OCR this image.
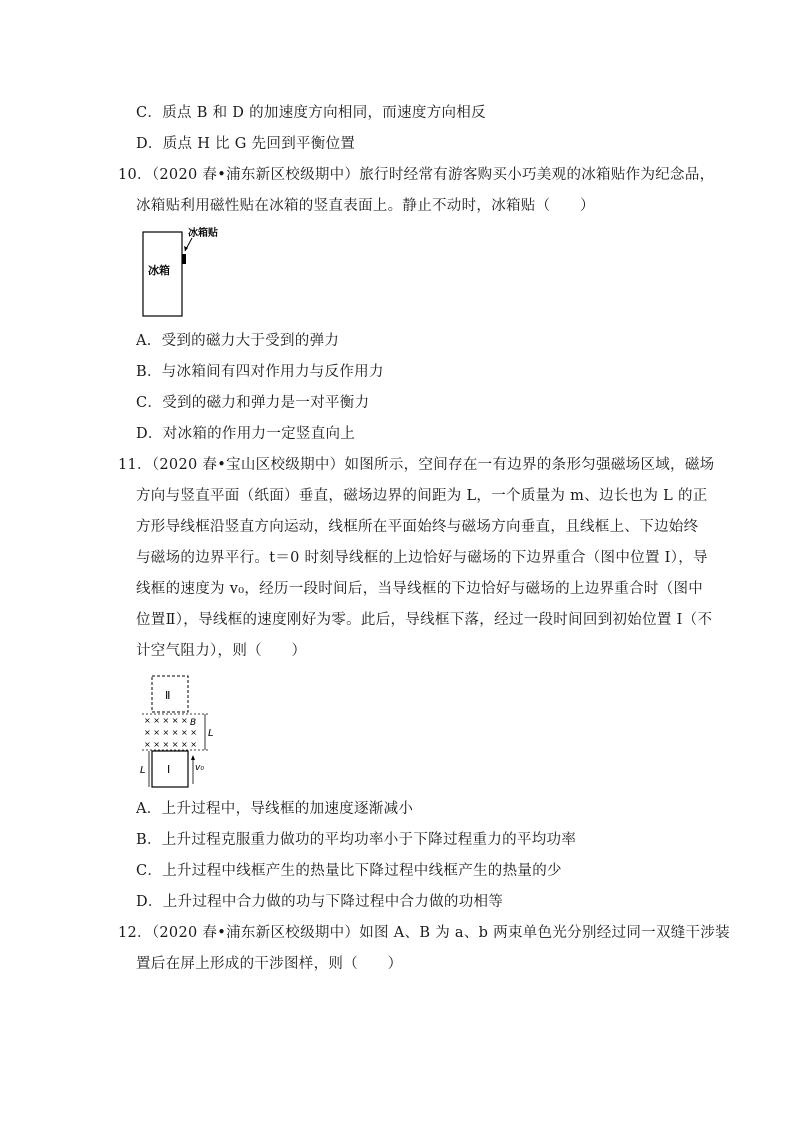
C．质点 B 和 D 的加速度方向相同，而速度方向相反
D．质点 H 比 G 先回到平衡位置
10．（2020 春•浦东新区校级期中）旅行时经常有游客购买小巧美观的冰箱贴作为纪念品，
冰箱贴利用磁性贴在冰箱的竖直表面上。静止不动时，冰箱贴（　　）
冰箱
冰箱贴
A．受到的磁力大于受到的弹力
B．与冰箱间有四对作用力与反作用力
C．受到的磁力和弹力是一对平衡力
D．对冰箱的作用力一定竖直向上
11．（2020 春•宝山区校级期中）如图所示，空间存在一有边界的条形匀强磁场区域，磁场
方向与竖直平面（纸面）垂直，磁场边界的间距为 L，一个质量为 m、边长也为 L 的正
方形导线框沿竖直方向运动，线框所在平面始终与磁场方向垂直，且线框上、下边始终
与磁场的边界平行。t＝0 时刻导线框的上边恰好与磁场的下边界重合（图中位置 I），导
线框的速度为 v₀，经历一段时间后，当导线框的下边恰好与磁场的上边界重合时（图中
位置Ⅱ），导线框的速度刚好为零。此后，导线框下落，经过一段时间回到初始位置 I（不
计空气阻力），则（　　）
Ⅱ
× × × × ×
× × × × × ×
× × × × × ×
B
L
I
L	v₀
A．上升过程中，导线框的加速度逐渐减小
B．上升过程克服重力做功的平均功率小于下降过程重力的平均功率
C．上升过程中线框产生的热量比下降过程中线框产生的热量的少
D．上升过程中合力做的功与下降过程中合力做的功相等
12．（2020 春•浦东新区校级期中）如图 A、B 为 a、b 两束单色光分别经过同一双缝干涉装
置后在屏上形成的干涉图样，则（　　）
